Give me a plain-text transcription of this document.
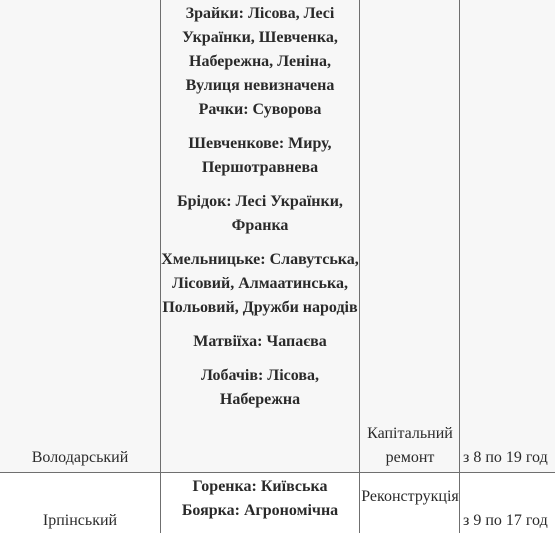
Володарський

Зрайки: Лісова, Лесі Українки, Шевченка, Набережна, Леніна, Вулиця невизначена

Рачки: Суворова

Шевченкове: Миру, Першотравнева

Брідок: Лесі Українки, Франка

Хмельницьке: Славутська, Лісовий, Алмаатинська, Польовий, Дружби народів

Матвіїха: Чапаєва

Лобачів: Лісова, Набережна

Капітальний ремонт	з 8 по 19 год
Ірпінський

Горенка: Київська

Боярка: Агрономічна

Реконструкція
з 9 по 17 год
